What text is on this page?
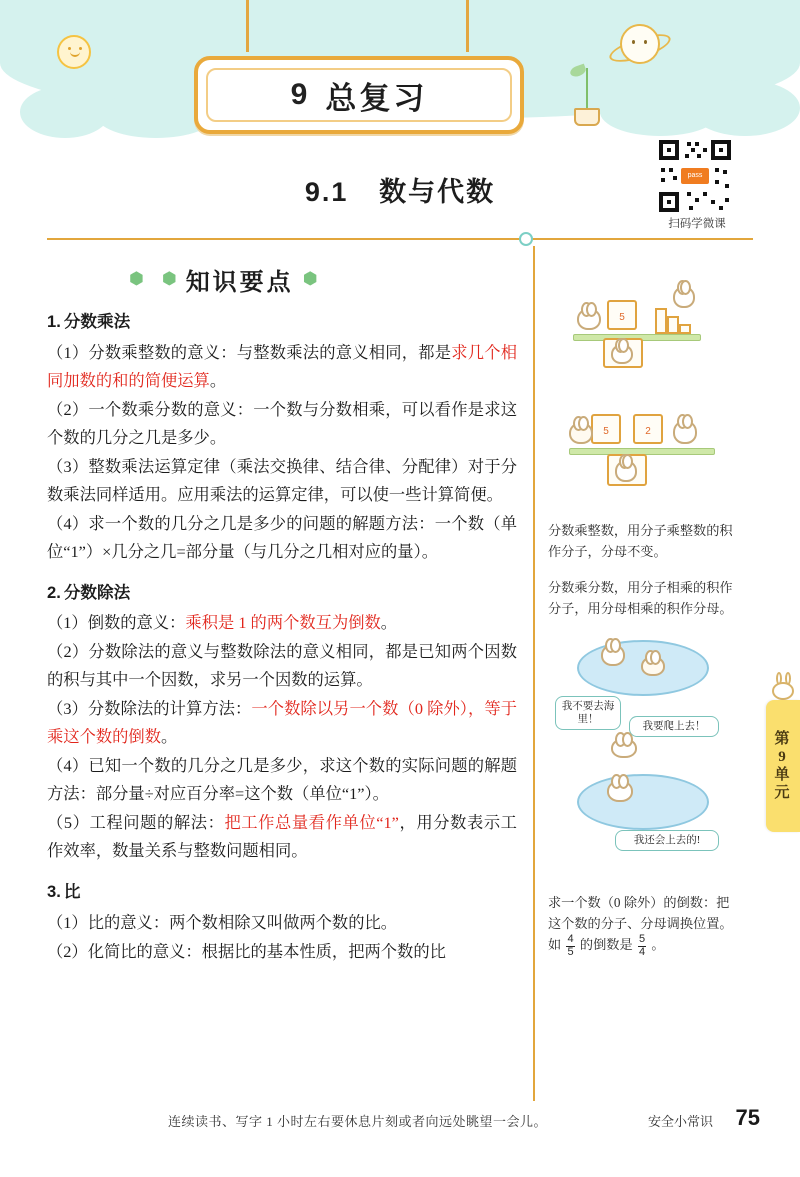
9 总复习
9.1 数与代数
pass
扫码学微课
⬢ ⬢ 知识要点 ⬢
1. 分数乘法

（1）分数乘整数的意义：与整数乘法的意义相同，都是求几个相同加数的和的简便运算。

（2）一个数乘分数的意义：一个数与分数相乘，可以看作是求这个数的几分之几是多少。

（3）整数乘法运算定律（乘法交换律、结合律、分配律）对于分数乘法同样适用。应用乘法的运算定律，可以使一些计算简便。

（4）求一个数的几分之几是多少的问题的解题方法：一个数（单位“1”）×几分之几=部分量（与几分之几相对应的量）。

2. 分数除法

（1）倒数的意义：乘积是 1 的两个数互为倒数。

（2）分数除法的意义与整数除法的意义相同，都是已知两个因数的积与其中一个因数，求另一个因数的运算。

（3）分数除法的计算方法：一个数除以另一个数（0 除外），等于乘这个数的倒数。

（4）已知一个数的几分之几是多少，求这个数的实际问题的解题方法：部分量÷对应百分率=这个数（单位“1”）。

（5）工程问题的解法：把工作总量看作单位“1”，用分数表示工作效率，数量关系与整数问题相同。

3. 比

（1）比的意义：两个数相除又叫做两个数的比。

（2）化简比的意义：根据比的基本性质，把两个数的比

5
5	2
分数乘整数，用分子乘整数的积作分子，分母不变。
分数乘分数，用分子相乘的积作分子，用分母相乘的积作分母。
我不要去海里！
我要爬上去！
我还会上去的!
求一个数（0 除外）的倒数：把这个数的分子、分母调换位置。如 $\frac{4}{5}$ 的倒数是 $\frac{5}{4}$ 。
第
9
单
元
连续读书、写字 1 小时左右要休息片刻或者向远处眺望一会儿。	安全小常识 75
